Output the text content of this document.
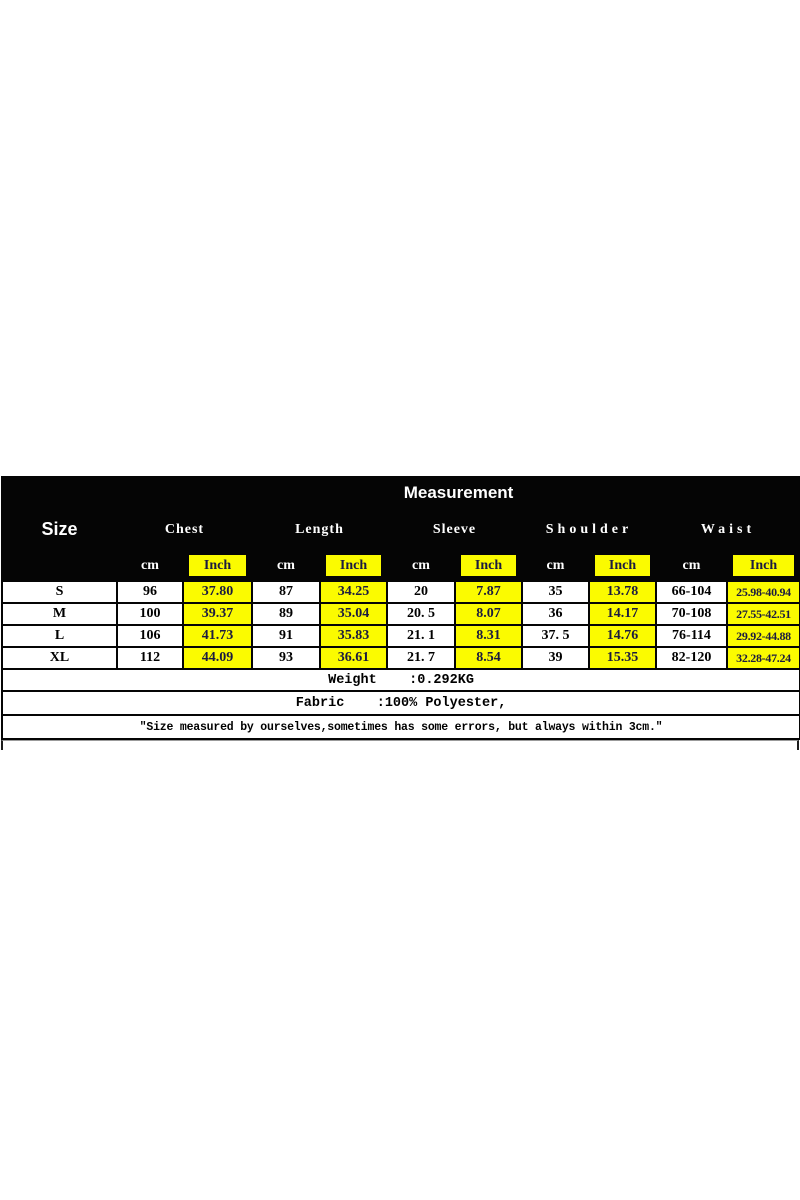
Size	Measurement									
	Chest		Length		Sleeve		Shoulder		Waist	
	cm	Inch	cm	Inch	cm	Inch	cm	Inch	cm	Inch

S	96	37.80	87	34.25	20	7.87	35	13.78	66-104	25.98-40.94
M	100	39.37	89	35.04	20. 5	8.07	36	14.17	70-108	27.55-42.51
L	106	41.73	91	35.83	21. 1	8.31	37. 5	14.76	76-114	29.92-44.88
XL	112	44.09	93	36.61	21. 7	8.54	39	15.35	82-120	32.28-47.24
Weight    :0.292KG										
Fabric    :100% Polyester,										
″Size measured by ourselves,sometimes has some errors, but always within 3cm.″										
